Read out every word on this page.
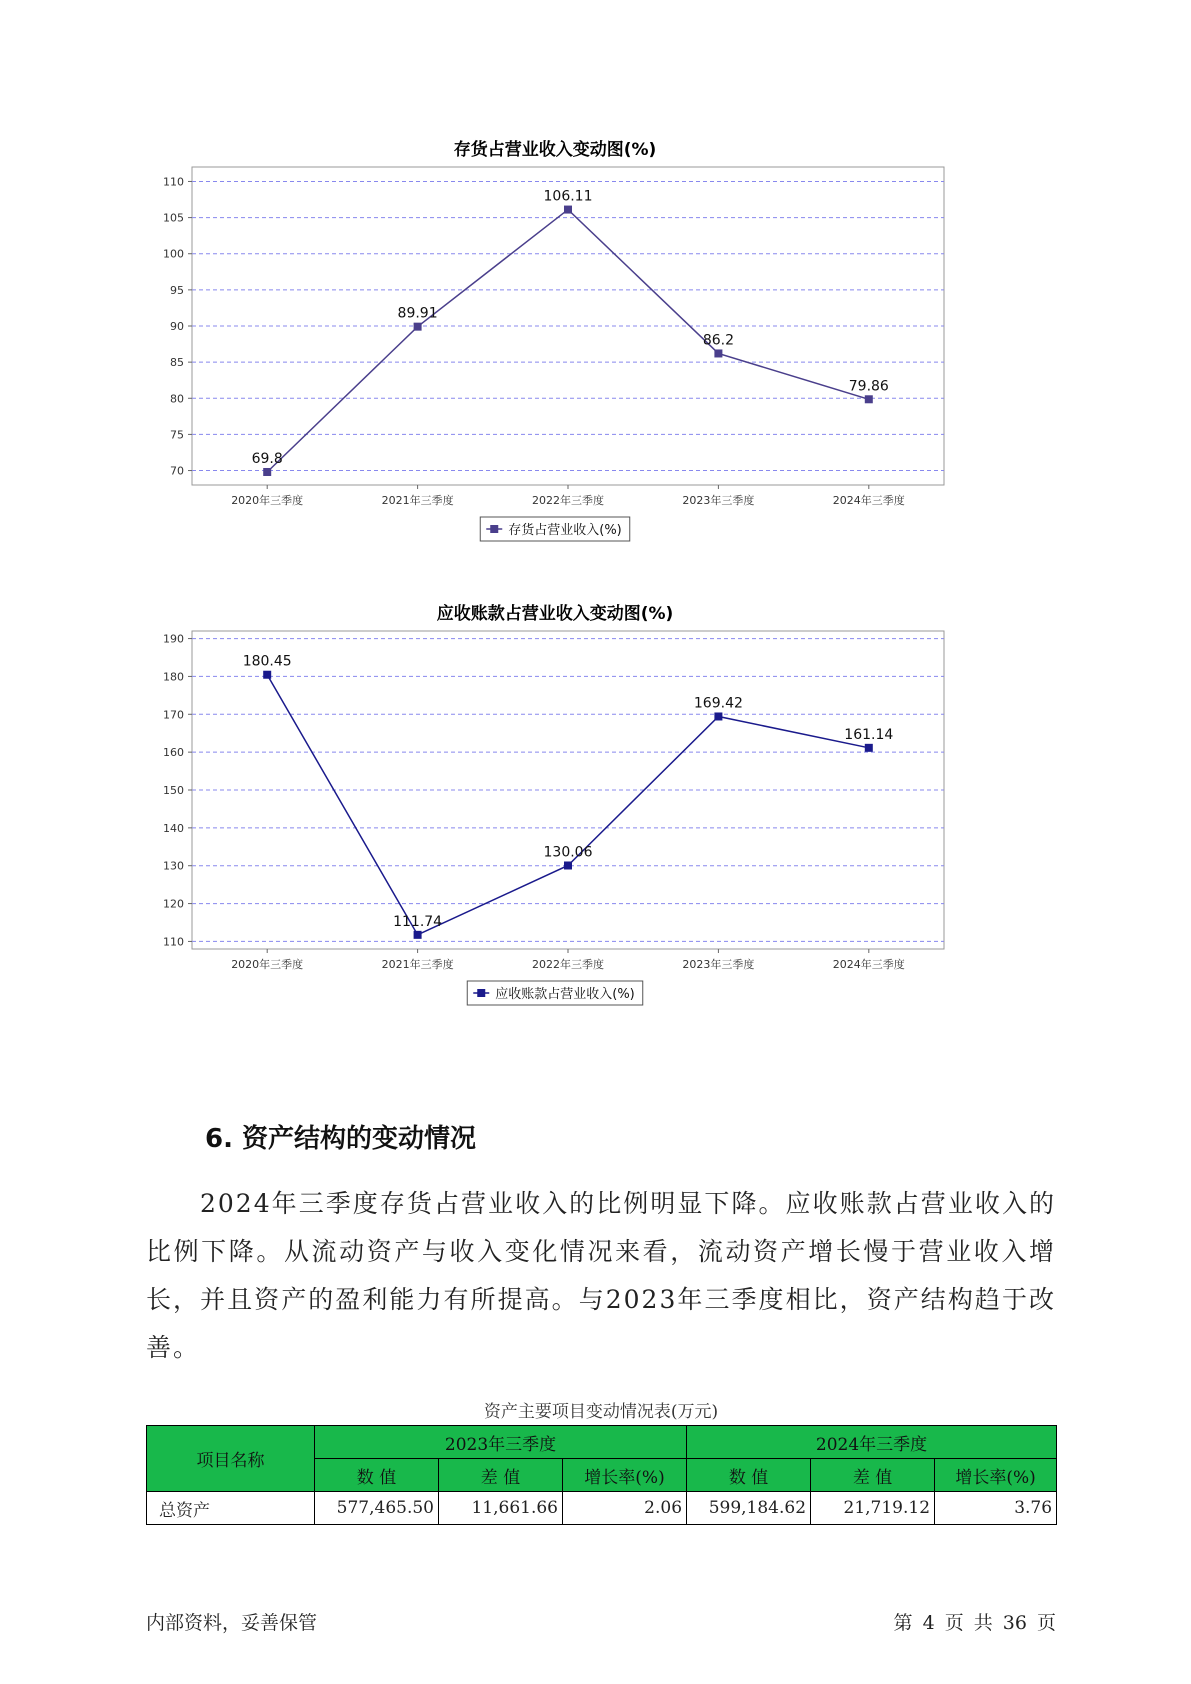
存货占营业收入变动图(%)
70
75
80
85
90
95
100
105
110
2020年三季度	2021年三季度	2022年三季度	2023年三季度	2024年三季度
69.8
89.91
106.11
86.2
79.86
存货占营业收入(%)
应收账款占营业收入变动图(%)
110
120
130
140
150
160
170
180
190
2020年三季度	2021年三季度	2022年三季度	2023年三季度	2024年三季度
180.45
111.74
130.06
169.42
161.14
应收账款占营业收入(%)
6. 资产结构的变动情况

2024年三季度存货占营业收入的比例明显下降。应收账款占营业收入的比例下降。从流动资产与收入变化情况来看，流动资产增长慢于营业收入增长，并且资产的盈利能力有所提高。与2023年三季度相比，资产结构趋于改善。

资产主要项目变动情况表(万元)
项目名称	2023年三季度			2024年三季度		
	数 值	差 值	增长率(%)	数 值	差 值	增长率(%)
总资产	577,465.50	11,661.66	2.06	599,184.62	21,719.12	3.76
内部资料，妥善保管	第 4 页 共 36 页
